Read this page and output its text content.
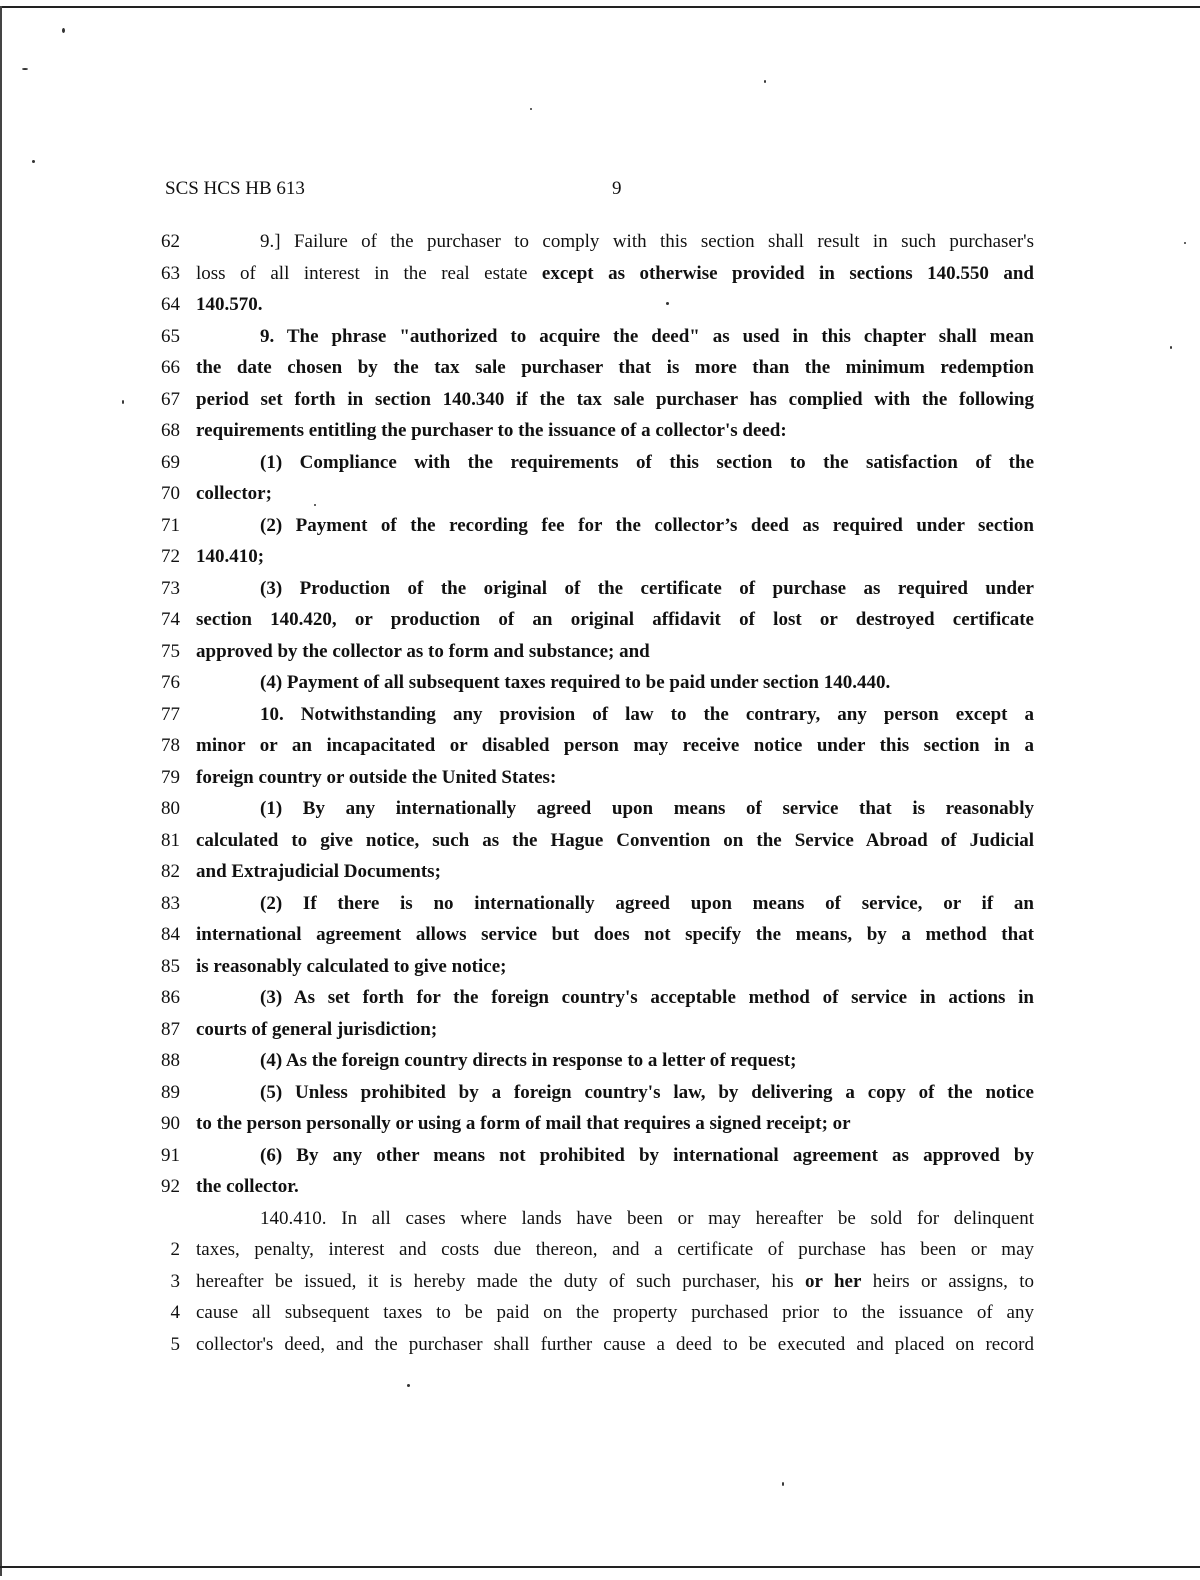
SCS HCS HB 613	9
62	9.] Failure of the purchaser to comply with this section shall result in such purchaser's
63 loss of all interest in the real estate except as otherwise provided in sections 140.550 and
64 140.570.
65	9. The phrase "authorized to acquire the deed" as used in this chapter shall mean
66 the date chosen by the tax sale purchaser that is more than the minimum redemption
67 period set forth in section 140.340 if the tax sale purchaser has complied with the following
68 requirements entitling the purchaser to the issuance of a collector's deed:
69	(1) Compliance with the requirements of this section to the satisfaction of the
70 collector;
71	(2) Payment of the recording fee for the collector’s deed as required under section
72 140.410;
73	(3) Production of the original of the certificate of purchase as required under
74 section 140.420, or production of an original affidavit of lost or destroyed certificate
75 approved by the collector as to form and substance; and
76	(4) Payment of all subsequent taxes required to be paid under section 140.440.
77	10. Notwithstanding any provision of law to the contrary, any person except a
78 minor or an incapacitated or disabled person may receive notice under this section in a
79 foreign country or outside the United States:
80	(1) By any internationally agreed upon means of service that is reasonably
81 calculated to give notice, such as the Hague Convention on the Service Abroad of Judicial
82 and Extrajudicial Documents;
83	(2) If there is no internationally agreed upon means of service, or if an
84 international agreement allows service but does not specify the means, by a method that
85 is reasonably calculated to give notice;
86	(3) As set forth for the foreign country's acceptable method of service in actions in
87 courts of general jurisdiction;
88	(4) As the foreign country directs in response to a letter of request;
89	(5) Unless prohibited by a foreign country's law, by delivering a copy of the notice
90 to the person personally or using a form of mail that requires a signed receipt; or
91	(6) By any other means not prohibited by international agreement as approved by
92 the collector.
140.410. In all cases where lands have been or may hereafter be sold for delinquent
2 taxes, penalty, interest and costs due thereon, and a certificate of purchase has been or may
3 hereafter be issued, it is hereby made the duty of such purchaser, his or her heirs or assigns, to
4 cause all subsequent taxes to be paid on the property purchased prior to the issuance of any
5 collector's deed, and the purchaser shall further cause a deed to be executed and placed on record
